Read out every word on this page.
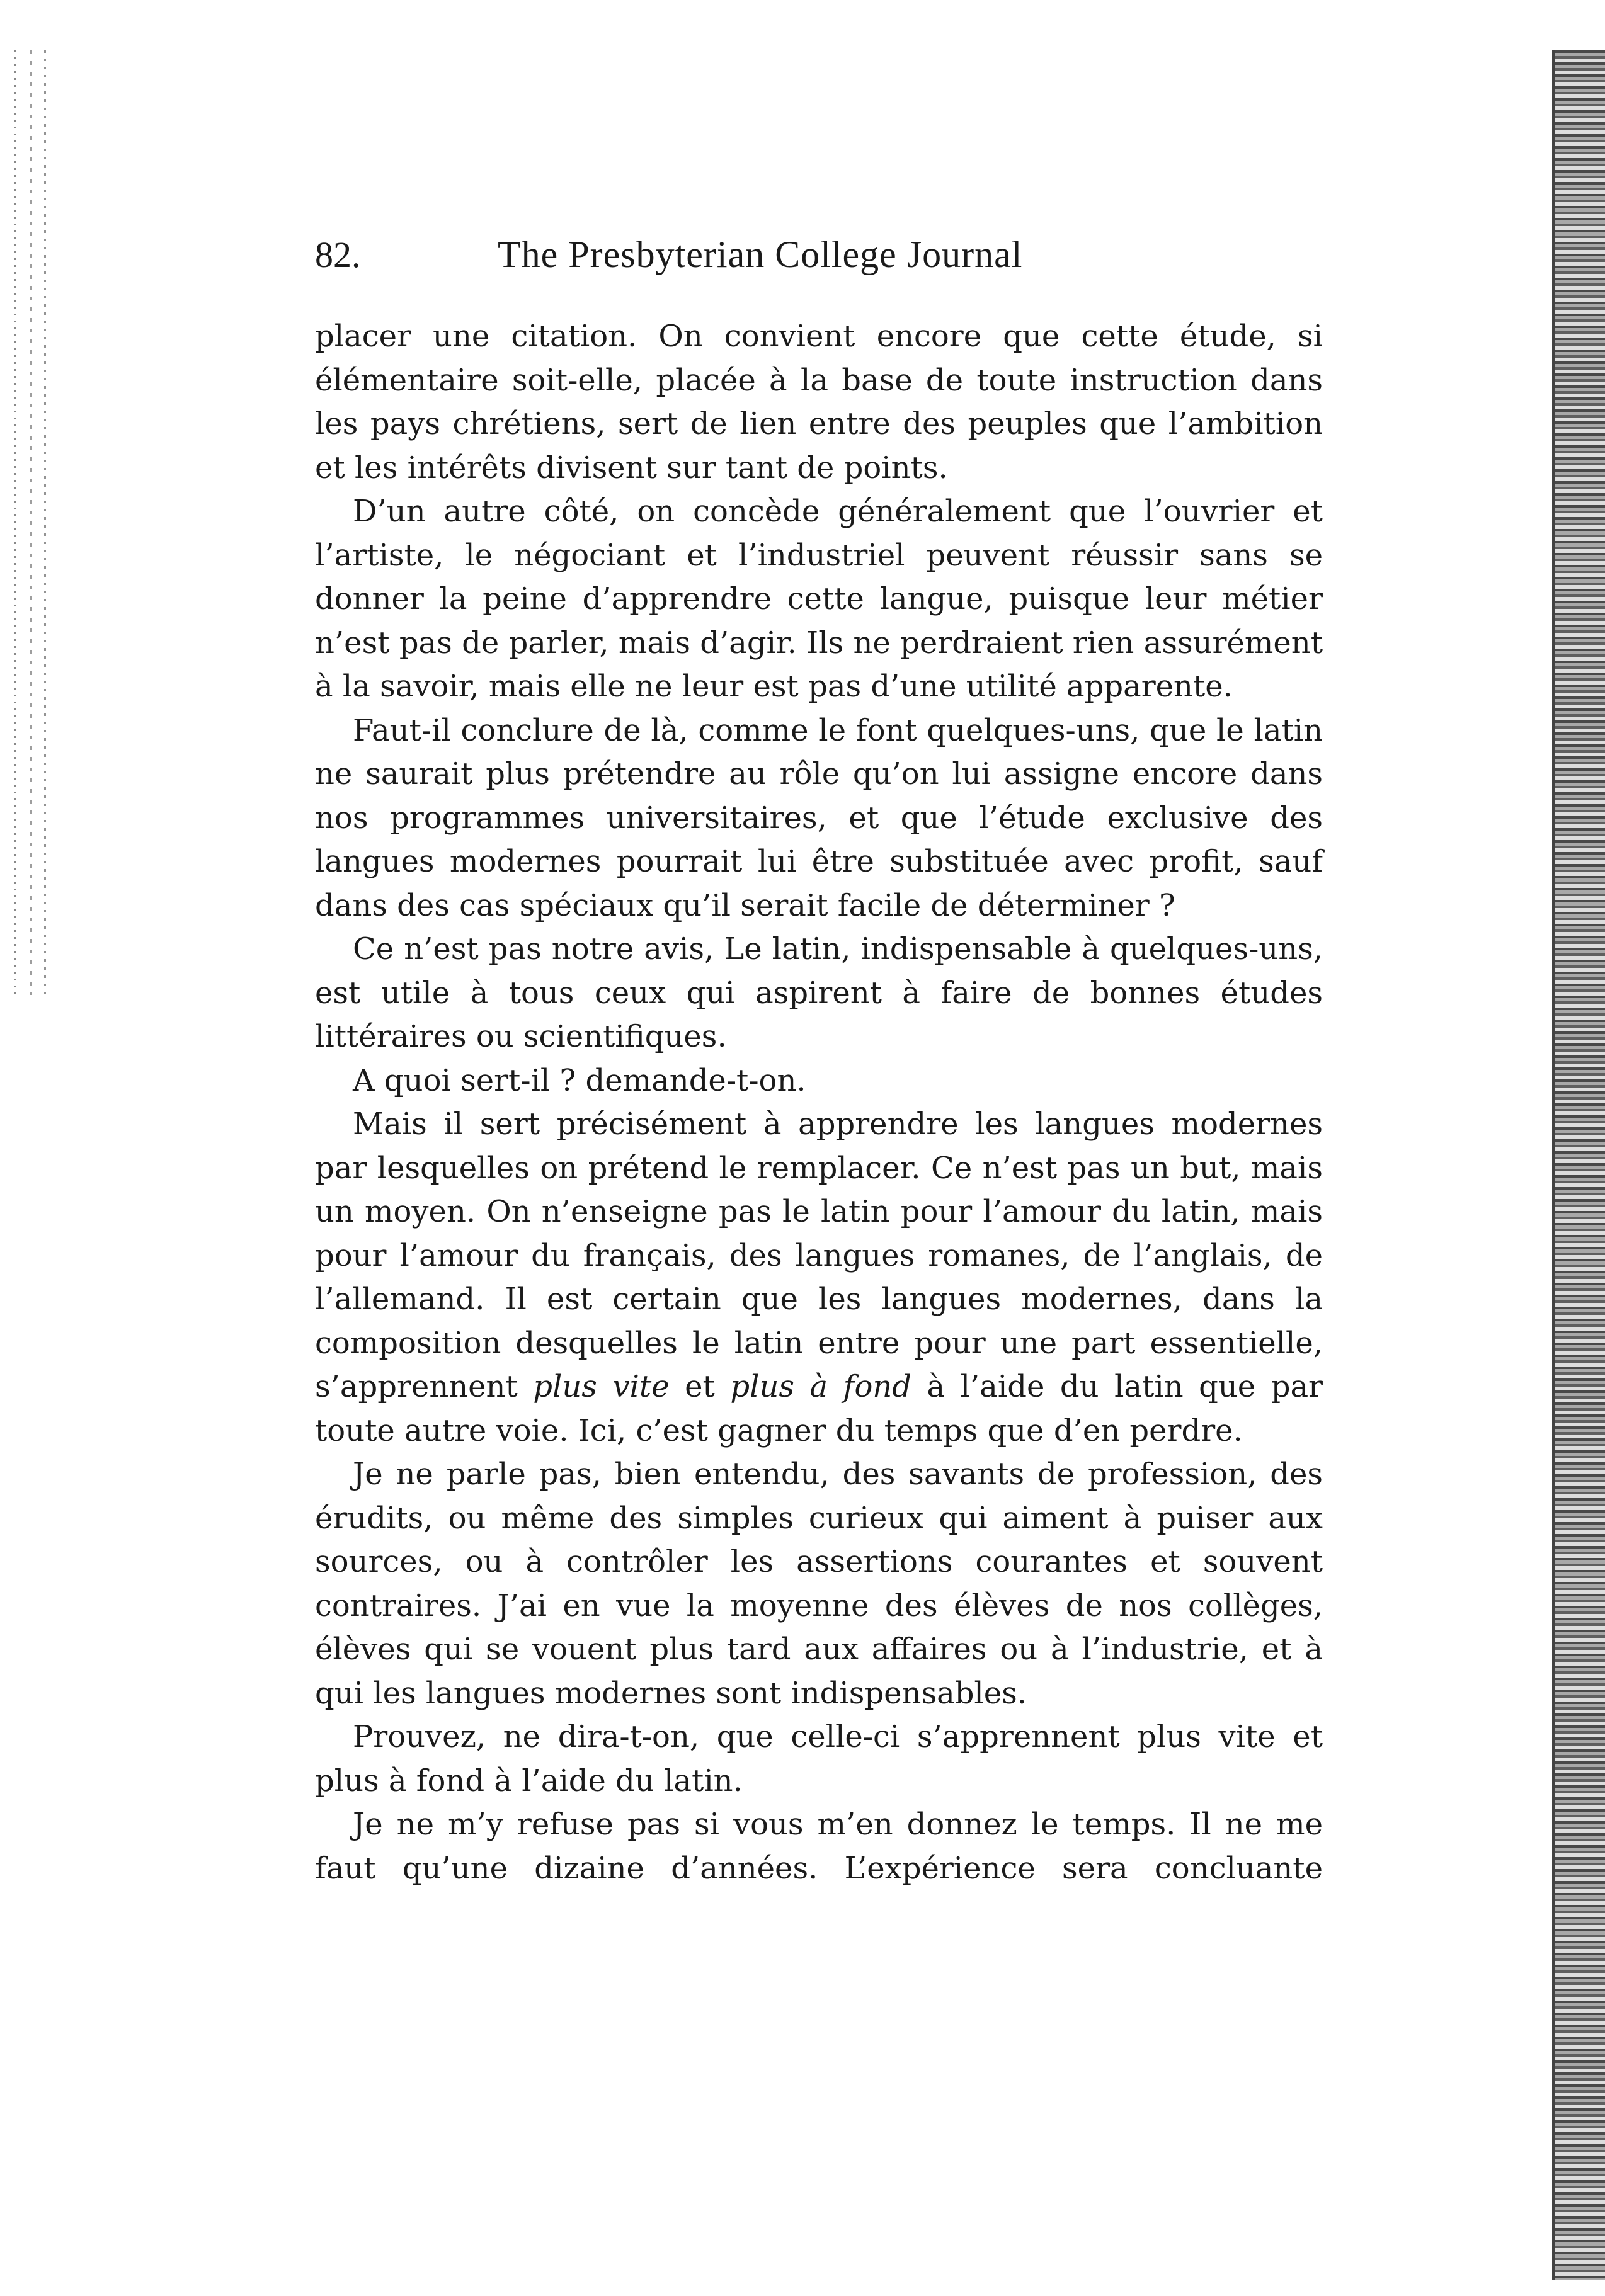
82.	The Presbyterian College Journal

placer une citation. On convient encore que cette étude, si élémentaire soit-elle, placée à la base de toute instruction dans les pays chrétiens, sert de lien entre des peuples que l’ambition et les intérêts divisent sur tant de points.

D’un autre côté, on concède généralement que l’ouvrier et l’artiste, le négociant et l’industriel peuvent réussir sans se donner la peine d’apprendre cette langue, puisque leur métier n’est pas de parler, mais d’agir. Ils ne perdraient rien assurément à la savoir, mais elle ne leur est pas d’une utilité apparente.

Faut-il conclure de là, comme le font quelques-uns, que le latin ne saurait plus prétendre au rôle qu’on lui assigne encore dans nos programmes universitaires, et que l’étude exclusive des langues modernes pourrait lui être substituée avec profit, sauf dans des cas spéciaux qu’il serait facile de déterminer ?

Ce n’est pas notre avis, Le latin, indispensable à quelques-uns, est utile à tous ceux qui aspirent à faire de bonnes études littéraires ou scientifiques.

A quoi sert-il ? demande-t-on.

Mais il sert précisément à apprendre les langues modernes par lesquelles on prétend le remplacer. Ce n’est pas un but, mais un moyen. On n’enseigne pas le latin pour l’amour du latin, mais pour l’amour du français, des langues romanes, de l’anglais, de l’allemand. Il est certain que les langues modernes, dans la composition desquelles le latin entre pour une part essentielle, s’apprennent plus vite et plus à fond à l’aide du latin que par toute autre voie. Ici, c’est gagner du temps que d’en perdre.

Je ne parle pas, bien entendu, des savants de profession, des érudits, ou même des simples curieux qui aiment à puiser aux sources, ou à contrôler les assertions courantes et souvent contraires. J’ai en vue la moyenne des élèves de nos collèges, élèves qui se vouent plus tard aux affaires ou à l’industrie, et à qui les langues modernes sont indispensables.

Prouvez, ne dira-t-on, que celle-ci s’apprennent plus vite et plus à fond à l’aide du latin.

Je ne m’y refuse pas si vous m’en donnez le temps. Il ne me faut qu’une dizaine d’années. L’expérience sera concluante
